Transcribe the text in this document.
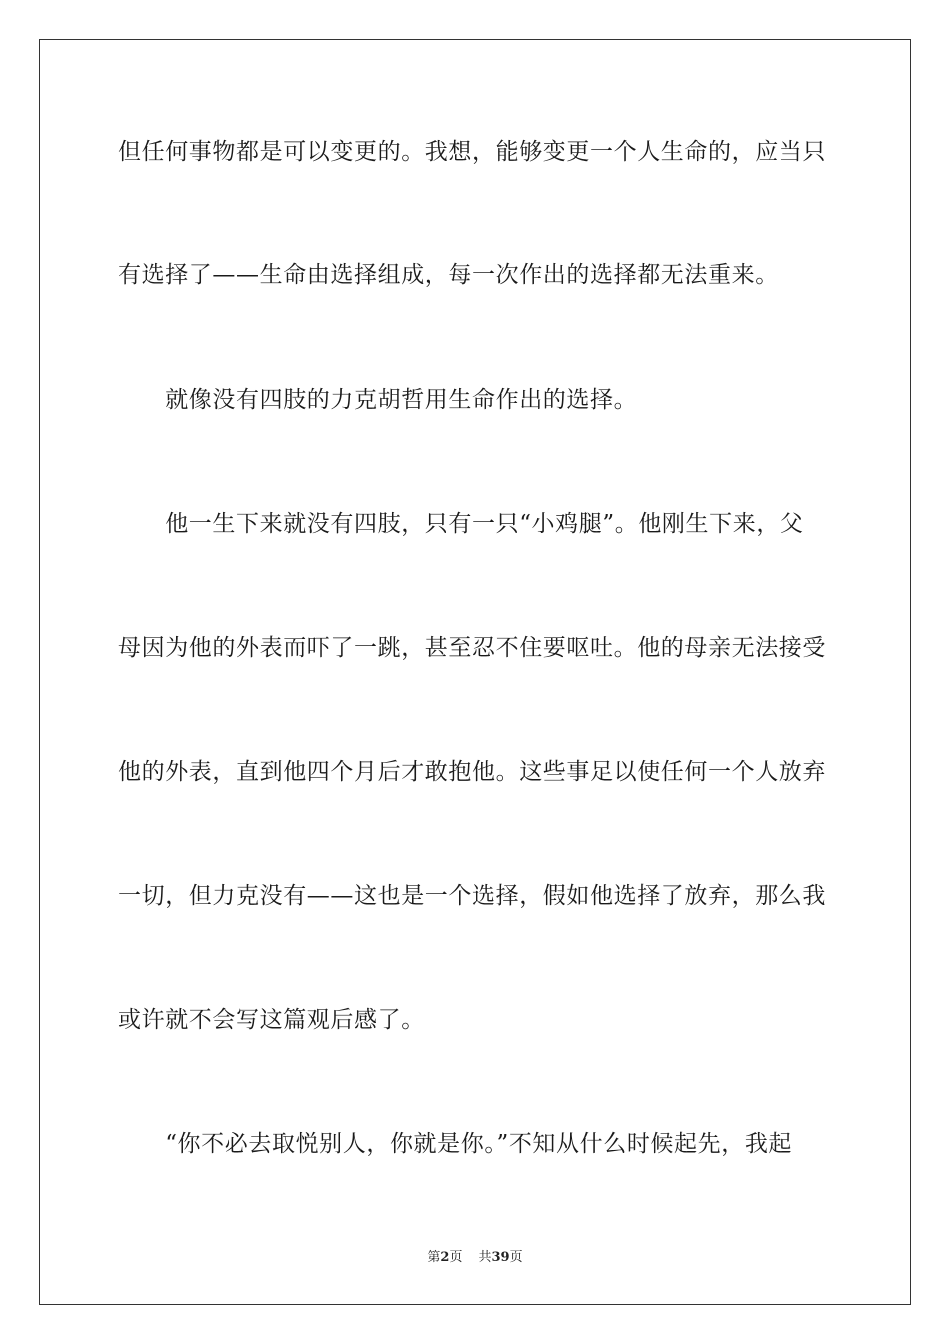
但任何事物都是可以变更的。我想，能够变更一个人生命的，应当只
有选择了——生命由选择组成，每一次作出的选择都无法重来。
　　就像没有四肢的力克胡哲用生命作出的选择。
　　他一生下来就没有四肢，只有一只“小鸡腿”。他刚生下来，父
母因为他的外表而吓了一跳，甚至忍不住要呕吐。他的母亲无法接受
他的外表，直到他四个月后才敢抱他。这些事足以使任何一个人放弃
一切，但力克没有——这也是一个选择，假如他选择了放弃，那么我
或许就不会写这篇观后感了。
　　“你不必去取悦别人，你就是你。”不知从什么时候起先，我起
第2页 共39页
